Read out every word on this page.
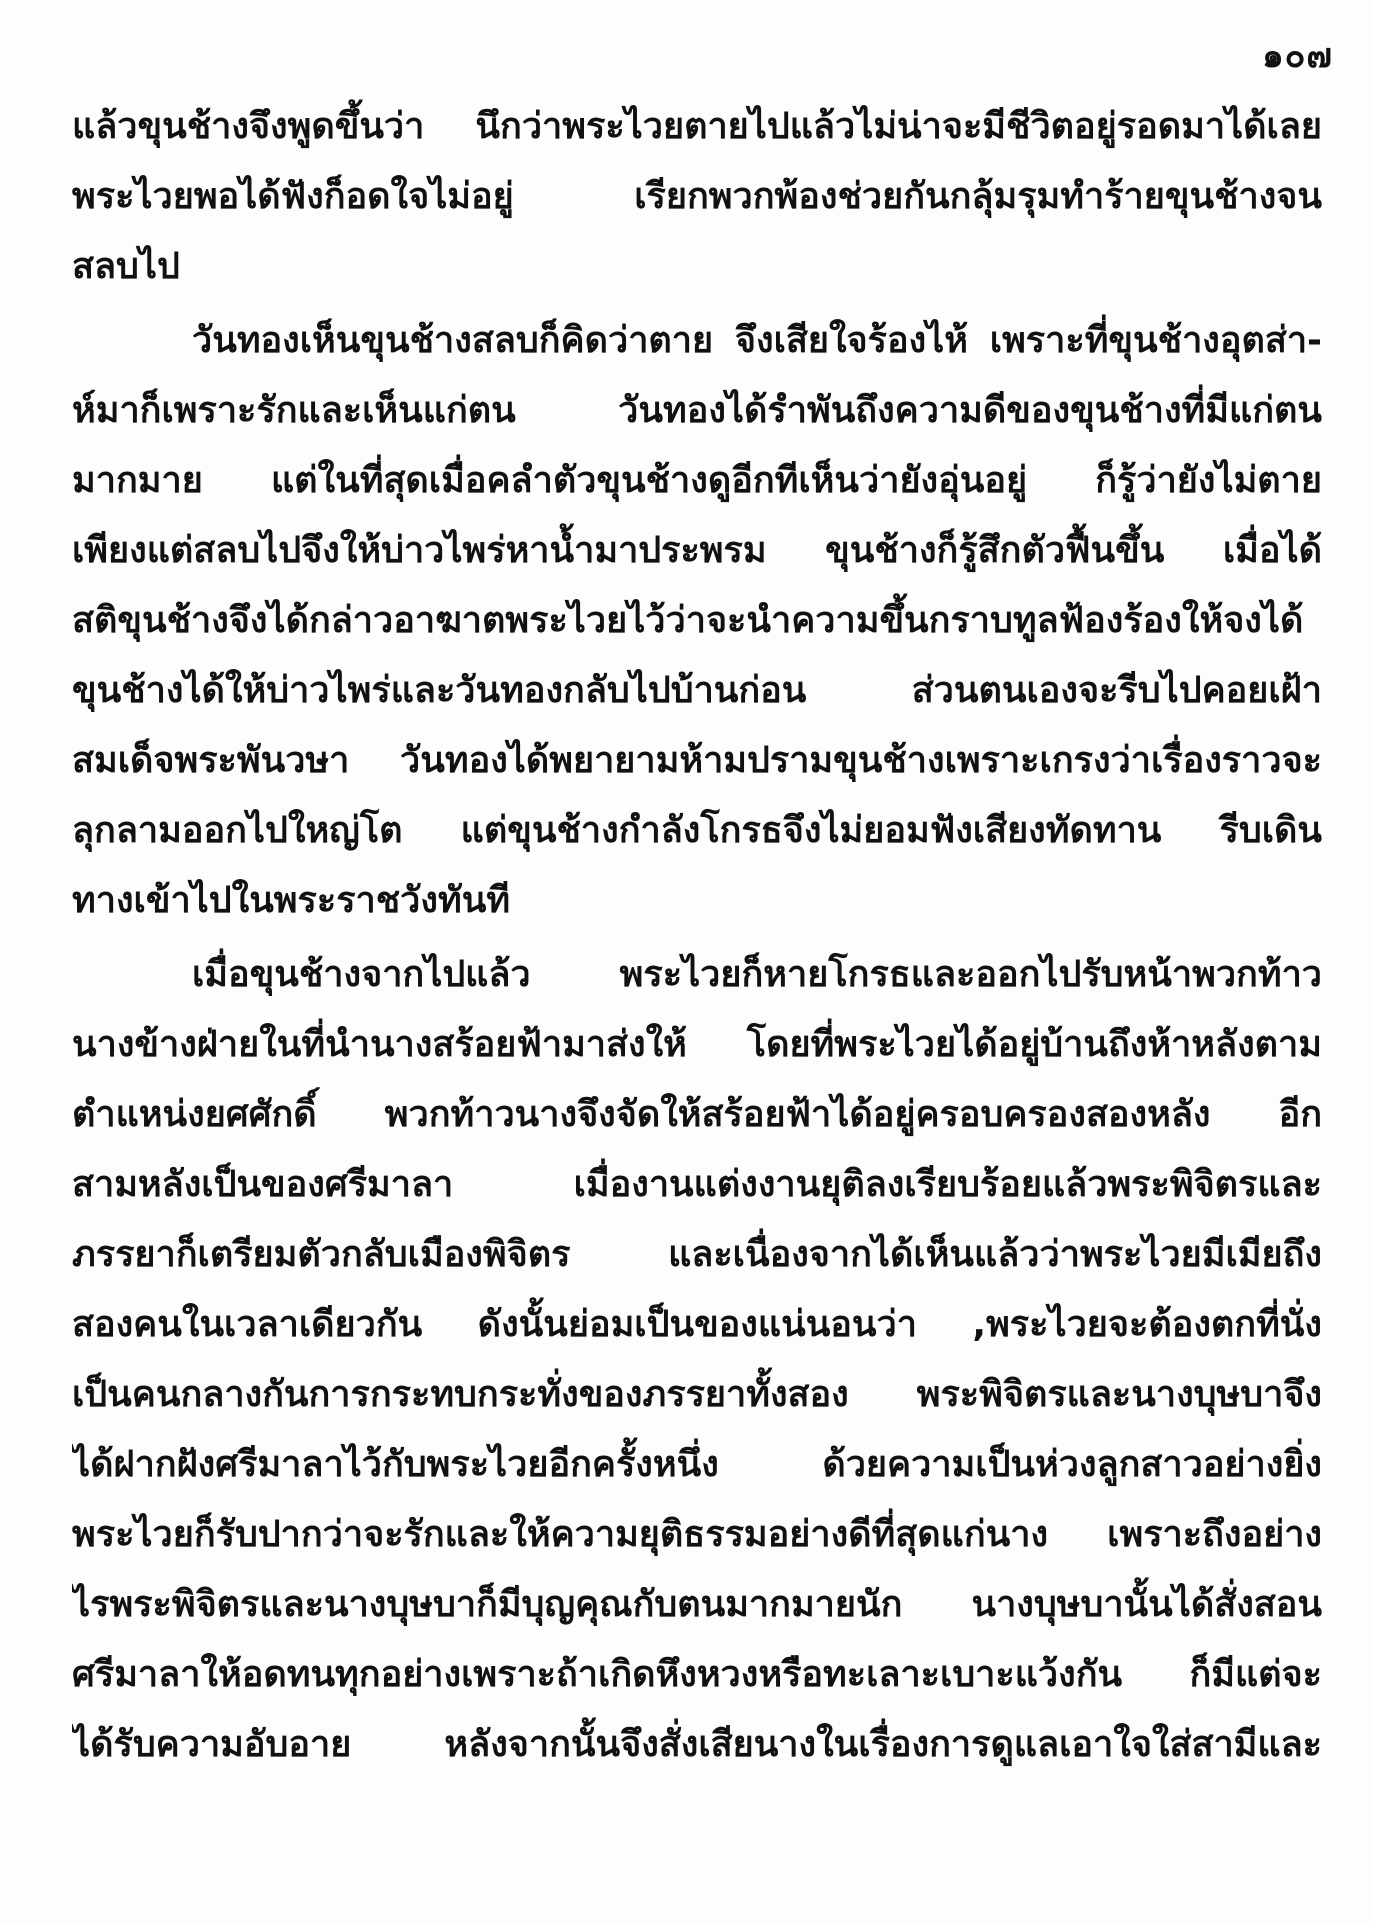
๑๐๗
แล้วขุนช้างจึงพูดขึ้นว่า นึกว่าพระไวยตายไปแล้วไม่น่าจะมีชีวิตอยู่รอดมาได้เลย
พระไวยพอได้ฟังก็อดใจไม่อยู่ เรียกพวกพ้องช่วยกันกลุ้มรุมทำร้ายขุนช้างจน
สลบไป
วันทองเห็นขุนช้างสลบก็คิดว่าตาย จึงเสียใจร้องไห้ เพราะที่ขุนช้างอุตส่า-
ห์มาก็เพราะรักและเห็นแก่ตน วันทองได้รำพันถึงความดีของขุนช้างที่มีแก่ตน
มากมาย แต่ในที่สุดเมื่อคลำตัวขุนช้างดูอีกทีเห็นว่ายังอุ่นอยู่ ก็รู้ว่ายังไม่ตาย
เพียงแต่สลบไปจึงให้บ่าวไพร่หาน้ำมาประพรม ขุนช้างก็รู้สึกตัวฟื้นขึ้น เมื่อได้
สติขุนช้างจึงได้กล่าวอาฆาตพระไวยไว้ว่าจะนำความขึ้นกราบทูลฟ้องร้องให้จงได้
ขุนช้างได้ให้บ่าวไพร่และวันทองกลับไปบ้านก่อน ส่วนตนเองจะรีบไปคอยเฝ้า
สมเด็จพระพันวษา วันทองได้พยายามห้ามปรามขุนช้างเพราะเกรงว่าเรื่องราวจะ
ลุกลามออกไปใหญ่โต แต่ขุนช้างกำลังโกรธจึงไม่ยอมฟังเสียงทัดทาน รีบเดิน
ทางเข้าไปในพระราชวังทันที
เมื่อขุนช้างจากไปแล้ว พระไวยก็หายโกรธและออกไปรับหน้าพวกท้าว
นางข้างฝ่ายในที่นำนางสร้อยฟ้ามาส่งให้ โดยที่พระไวยได้อยู่บ้านถึงห้าหลังตาม
ตำแหน่งยศศักดิ์ พวกท้าวนางจึงจัดให้สร้อยฟ้าได้อยู่ครอบครองสองหลัง อีก
สามหลังเป็นของศรีมาลา เมื่องานแต่งงานยุติลงเรียบร้อยแล้วพระพิจิตรและ
ภรรยาก็เตรียมตัวกลับเมืองพิจิตร และเนื่องจากได้เห็นแล้วว่าพระไวยมีเมียถึง
สองคนในเวลาเดียวกัน ดังนั้นย่อมเป็นของแน่นอนว่า ,พระไวยจะต้องตกที่นั่ง
เป็นคนกลางกันการกระทบกระทั่งของภรรยาทั้งสอง พระพิจิตรและนางบุษบาจึง
ได้ฝากฝังศรีมาลาไว้กับพระไวยอีกครั้งหนึ่ง ด้วยความเป็นห่วงลูกสาวอย่างยิ่ง
พระไวยก็รับปากว่าจะรักและให้ความยุติธรรมอย่างดีที่สุดแก่นาง เพราะถึงอย่าง
ไรพระพิจิตรและนางบุษบาก็มีบุญคุณกับตนมากมายนัก นางบุษบานั้นได้สั่งสอน
ศรีมาลาให้อดทนทุกอย่างเพราะถ้าเกิดหึงหวงหรือทะเลาะเบาะแว้งกัน ก็มีแต่จะ
ได้รับความอับอาย หลังจากนั้นจึงสั่งเสียนางในเรื่องการดูแลเอาใจใส่สามีและ
